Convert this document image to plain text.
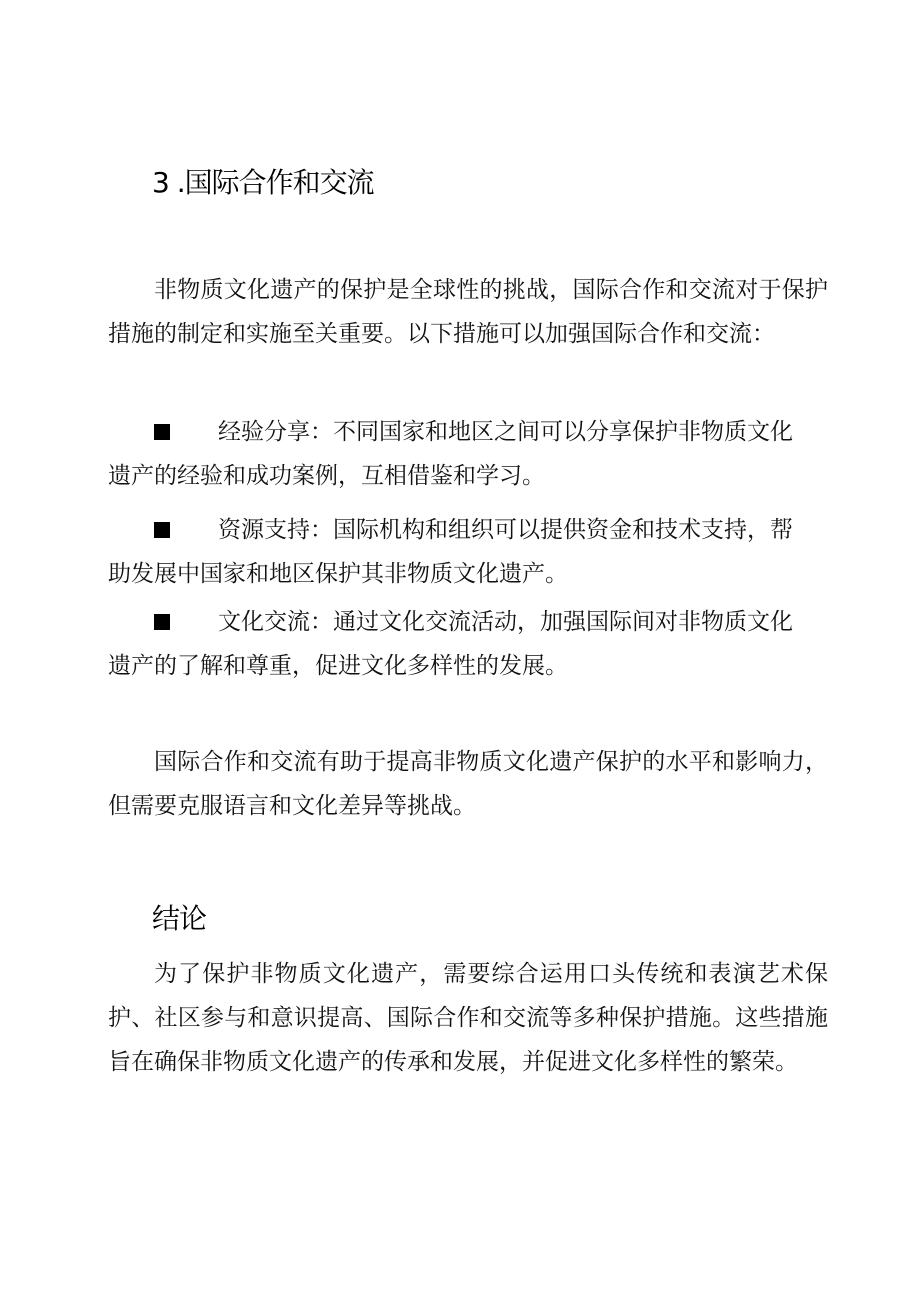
3 .国际合作和交流

非物质文化遗产的保护是全球性的挑战，国际合作和交流对于保护措施的制定和实施至关重要。以下措施可以加强国际合作和交流：

经验分享：不同国家和地区之间可以分享保护非物质文化
遗产的经验和成功案例，互相借鉴和学习。
资源支持：国际机构和组织可以提供资金和技术支持，帮
助发展中国家和地区保护其非物质文化遗产。
文化交流：通过文化交流活动，加强国际间对非物质文化
遗产的了解和尊重，促进文化多样性的发展。

国际合作和交流有助于提高非物质文化遗产保护的水平和影响力，但需要克服语言和文化差异等挑战。

结论

为了保护非物质文化遗产，需要综合运用口头传统和表演艺术保护、社区参与和意识提高、国际合作和交流等多种保护措施。这些措施旨在确保非物质文化遗产的传承和发展，并促进文化多样性的繁荣。
